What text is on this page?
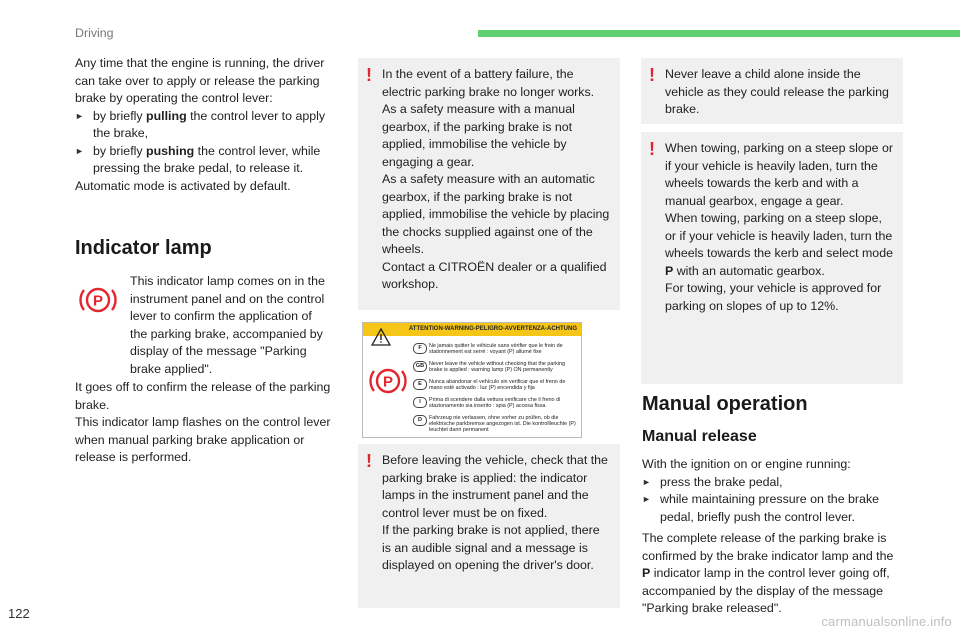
Driving

Any time that the engine is running, the driver can take over to apply or release the parking brake by operating the control lever:

► by briefly pulling the control lever to apply the brake,

► by briefly pushing the control lever, while pressing the brake pedal, to release it.

Automatic mode is activated by default.

Indicator lamp
P
This indicator lamp comes on in the instrument panel and on the control lever to confirm the application of the parking brake, accompanied by display of the message "Parking brake applied".

It goes off to confirm the release of the parking brake.

This indicator lamp flashes on the control lever when manual parking brake application or release is performed.

! In the event of a battery failure, the electric parking brake no longer works.

As a safety measure with a manual gearbox, if the parking brake is not applied, immobilise the vehicle by engaging a gear.

As a safety measure with an automatic gearbox, if the parking brake is not applied, immobilise the vehicle by placing the chocks supplied against one of the wheels.

Contact a CITROËN dealer or a qualified workshop.

ATTENTION-WARNING-PELIGRO-AVVERTENZA-ACHTUNG
P
F	Ne jamais quitter le véhicule sans vérifier que le frein de stationnement est serré : voyant (P) allumé fixe
GB Never leave the vehicle without checking that the parking brake is applied : warning lamp (P) ON permanently
E	Nunca abandonar el vehículo sin verificar que el freno de mano esté activado : luz (P) encendida y fija
I	Prima di scendere dalla vettura verificare che il freno di stazionamento sia inserito : spia (P) accesa fissa
D	Fahrzeug nie verlassen, ohne vorher zu prüfen, ob die elektrische parkbremse angezogen ist. Die kontrollleuchte (P) leuchtet dann permanent
! Before leaving the vehicle, check that the parking brake is applied: the indicator lamps in the instrument panel and the control lever must be on fixed.

If the parking brake is not applied, there is an audible signal and a message is displayed on opening the driver's door.

! Never leave a child alone inside the vehicle as they could release the parking brake.

! When towing, parking on a steep slope or if your vehicle is heavily laden, turn the wheels towards the kerb and with a manual gearbox, engage a gear.

When towing, parking on a steep slope, or if your vehicle is heavily laden, turn the wheels towards the kerb and select mode P with an automatic gearbox.

For towing, your vehicle is approved for parking on slopes of up to 12%.

Manual operation
Manual release

With the ignition on or engine running:

► press the brake pedal,

► while maintaining pressure on the brake pedal, briefly push the control lever.

The complete release of the parking brake is confirmed by the brake indicator lamp and the P indicator lamp in the control lever going off, accompanied by the display of the message "Parking brake released".
122
carmanualsonline.info
